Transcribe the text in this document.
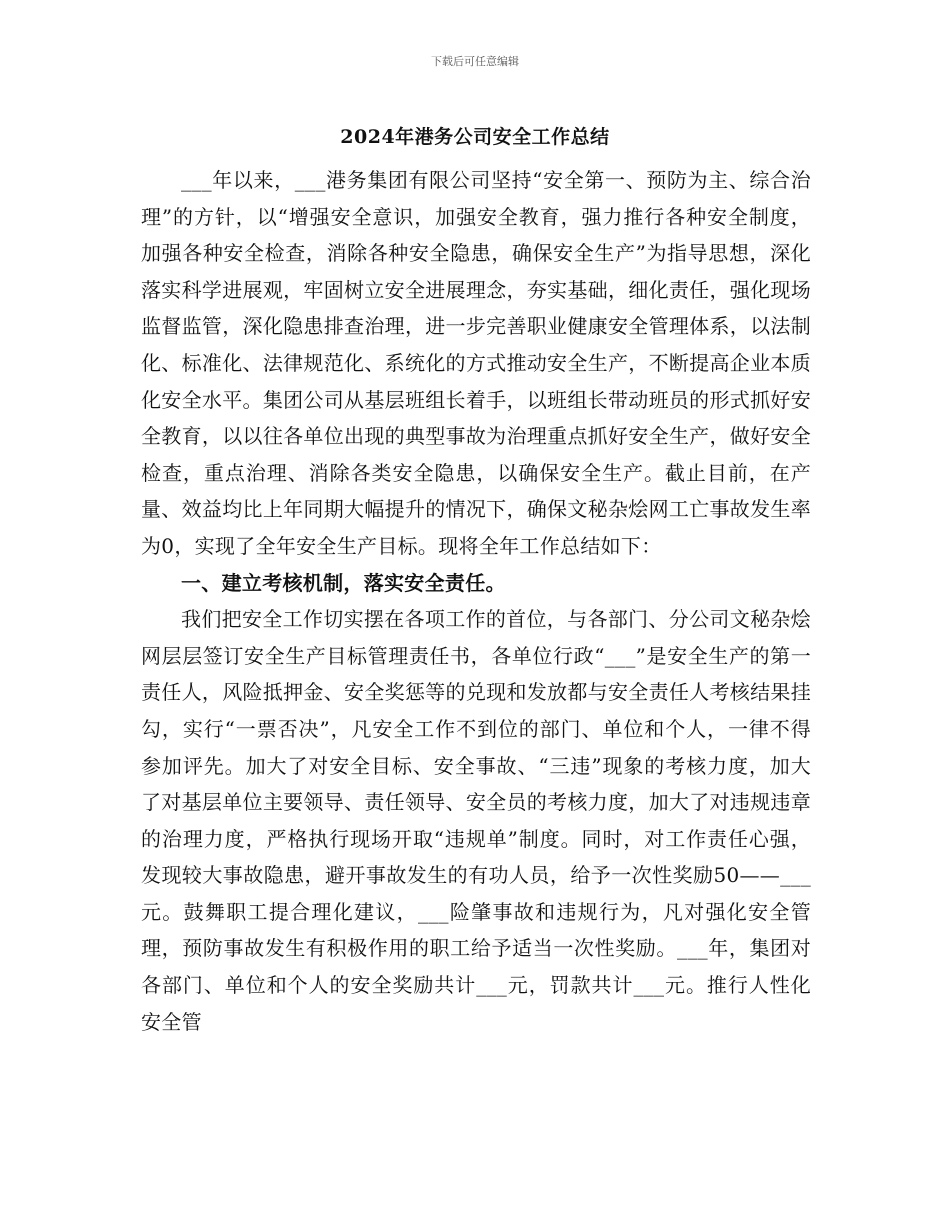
下载后可任意编辑
2024年港务公司安全工作总结

___年以来，___港务集团有限公司坚持“安全第一、预防为主、综合治理”的方针，以“增强安全意识，加强安全教育，强力推行各种安全制度，加强各种安全检查，消除各种安全隐患，确保安全生产”为指导思想，深化落实科学进展观，牢固树立安全进展理念，夯实基础，细化责任，强化现场监督监管，深化隐患排查治理，进一步完善职业健康安全管理体系，以法制化、标准化、法律规范化、系统化的方式推动安全生产，不断提高企业本质化安全水平。集团公司从基层班组长着手，以班组长带动班员的形式抓好安全教育，以以往各单位出现的典型事故为治理重点抓好安全生产，做好安全检查，重点治理、消除各类安全隐患，以确保安全生产。截止目前，在产量、效益均比上年同期大幅提升的情况下，确保文秘杂烩网工亡事故发生率为0，实现了全年安全生产目标。现将全年工作总结如下：

一、建立考核机制，落实安全责任。

我们把安全工作切实摆在各项工作的首位，与各部门、分公司文秘杂烩网层层签订安全生产目标管理责任书，各单位行政“___”是安全生产的第一责任人，风险抵押金、安全奖惩等的兑现和发放都与安全责任人考核结果挂勾，实行“一票否决”，凡安全工作不到位的部门、单位和个人，一律不得参加评先。加大了对安全目标、安全事故、“三违”现象的考核力度，加大了对基层单位主要领导、责任领导、安全员的考核力度，加大了对违规违章的治理力度，严格执行现场开取“违规单”制度。同时，对工作责任心强，发现较大事故隐患，避开事故发生的有功人员，给予一次性奖励50——___元。鼓舞职工提合理化建议，___险肇事故和违规行为，凡对强化安全管理，预防事故发生有积极作用的职工给予适当一次性奖励。___年，集团对各部门、单位和个人的安全奖励共计___元，罚款共计___元。推行人性化安全管
